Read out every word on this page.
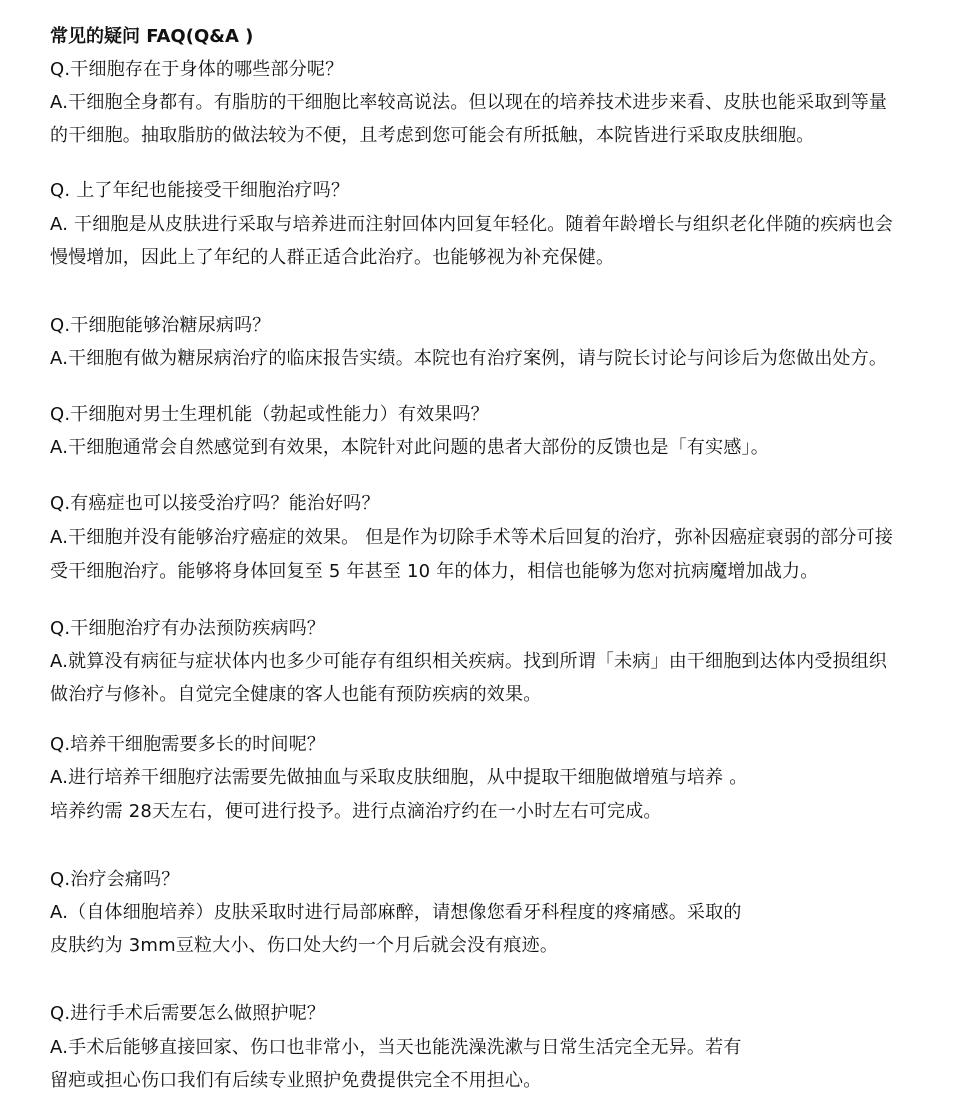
常见的疑问 FAQ(Q&A )
Q.干细胞存在于身体的哪些部分呢？
A.干细胞全身都有。有脂肪的干细胞比率较高说法。但以现在的培养技术进步来看、皮肤也能采取到等量
的干细胞。抽取脂肪的做法较为不便，且考虑到您可能会有所抵触，本院皆进行采取皮肤细胞。
Q. 上了年纪也能接受干细胞治疗吗？
A. 干细胞是从皮肤进行采取与培养进而注射回体内回复年轻化。随着年龄增长与组织老化伴随的疾病也会
慢慢增加，因此上了年纪的人群正适合此治疗。也能够视为补充保健。
Q.干细胞能够治糖尿病吗？
A.干细胞有做为糖尿病治疗的临床报告实绩。本院也有治疗案例，请与院长讨论与问诊后为您做出处方。
Q.干细胞对男士生理机能（勃起或性能力）有效果吗？
A.干细胞通常会自然感觉到有效果，本院针对此问题的患者大部份的反馈也是「有实感」。
Q.有癌症也可以接受治疗吗？能治好吗？
A.干细胞并没有能够治疗癌症的效果。 但是作为切除手术等术后回复的治疗，弥补因癌症衰弱的部分可接
受干细胞治疗。能够将身体回复至 5 年甚至 10 年的体力，相信也能够为您对抗病魔增加战力。
Q.干细胞治疗有办法预防疾病吗？
A.就算没有病征与症状体内也多少可能存有组织相关疾病。找到所谓「未病」由干细胞到达体内受损组织
做治疗与修补。自觉完全健康的客人也能有预防疾病的效果。
Q.培养干细胞需要多长的时间呢？
A.进行培养干细胞疗法需要先做抽血与采取皮肤细胞，从中提取干细胞做增殖与培养 。
培养约需 28天左右，便可进行投予。进行点滴治疗约在一小时左右可完成。
Q.治疗会痛吗？
A.（自体细胞培养）皮肤采取时进行局部麻醉，请想像您看牙科程度的疼痛感。采取的
皮肤约为 3mm豆粒大小、伤口处大约一个月后就会没有痕迹。
Q.进行手术后需要怎么做照护呢？
A.手术后能够直接回家、伤口也非常小，当天也能洗澡洗漱与日常生活完全无异。若有
留疤或担心伤口我们有后续专业照护免费提供完全不用担心。
